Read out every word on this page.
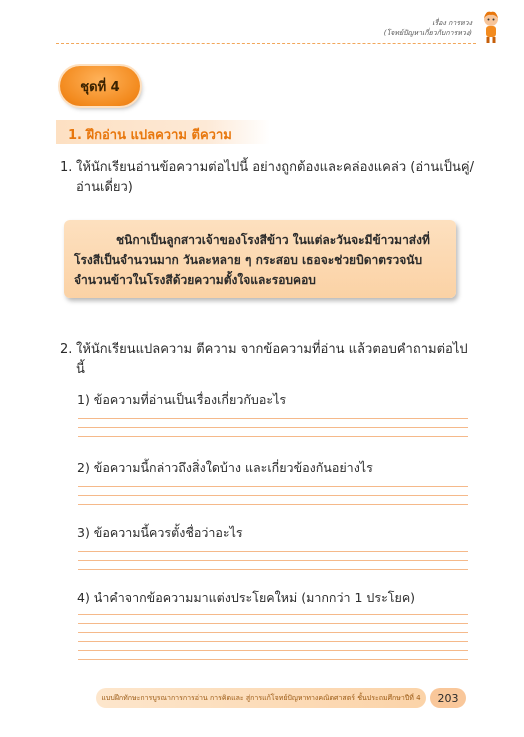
เรื่อง การหวง
(โจทย์ปัญหาเกี่ยวกับการหวง)
ชุดที่ 4
1. ฝึกอ่าน แปลความ ตีความ
1. ให้นักเรียนอ่านข้อความต่อไปนี้ อย่างถูกต้องและคล่องแคล่ว (อ่านเป็นคู่/อ่านเดี่ยว)

ชนิกาเป็นลูกสาวเจ้าของโรงสีข้าว ในแต่ละวันจะมีข้าวมาส่งที่โรงสีเป็นจำนวนมาก วันละหลาย ๆ กระสอบ เธอจะช่วยบิดาตรวจนับจำนวนข้าวในโรงสีด้วยความตั้งใจและรอบคอบ

2. ให้นักเรียนแปลความ ตีความ จากข้อความที่อ่าน แล้วตอบคำถามต่อไปนี้
1) ข้อความที่อ่านเป็นเรื่องเกี่ยวกับอะไร
2) ข้อความนี้กล่าวถึงสิ่งใดบ้าง และเกี่ยวข้องกันอย่างไร
3) ข้อความนี้ควรตั้งชื่อว่าอะไร
4) นำคำจากข้อความมาแต่งประโยคใหม่ (มากกว่า 1 ประโยค)
แบบฝึกทักษะการบูรณาการการอ่าน การคิดและ สู่การแก้โจทย์ปัญหาทางคณิตศาสตร์ ชั้นประถมศึกษาปีที่ 4	203
